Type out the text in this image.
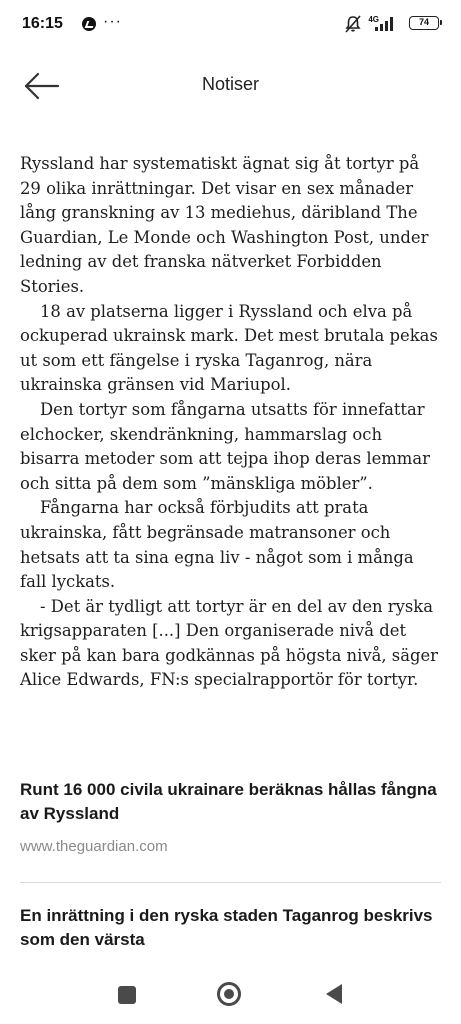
16:15	···	4G	74
Notiser

Ryssland har systematiskt ägnat sig åt tortyr på 29 olika inrättningar. Det visar en sex månader lång granskning av 13 mediehus, däribland The Guardian, Le Monde och Washington Post, under ledning av det franska nätverket Forbidden Stories.

18 av platserna ligger i Ryssland och elva på ockuperad ukrainsk mark. Det mest brutala pekas ut som ett fängelse i ryska Taganrog, nära ukrainska gränsen vid Mariupol.

Den tortyr som fångarna utsatts för innefattar elchocker, skendränkning, hammarslag och bisarra metoder som att tejpa ihop deras lemmar och sitta på dem som ”mänskliga möbler”.

Fångarna har också förbjudits att prata ukrainska, fått begränsade matransoner och hetsats att ta sina egna liv - något som i många fall lyckats.

- Det är tydligt att tortyr är en del av den ryska krigsapparaten [...] Den organiserade nivå det sker på kan bara godkännas på högsta nivå, säger Alice Edwards, FN:s specialrapportör för tortyr.

Runt 16 000 civila ukrainare beräknas hållas fångna av Ryssland

www.theguardian.com

En inrättning i den ryska staden Taganrog beskrivs som den värsta
